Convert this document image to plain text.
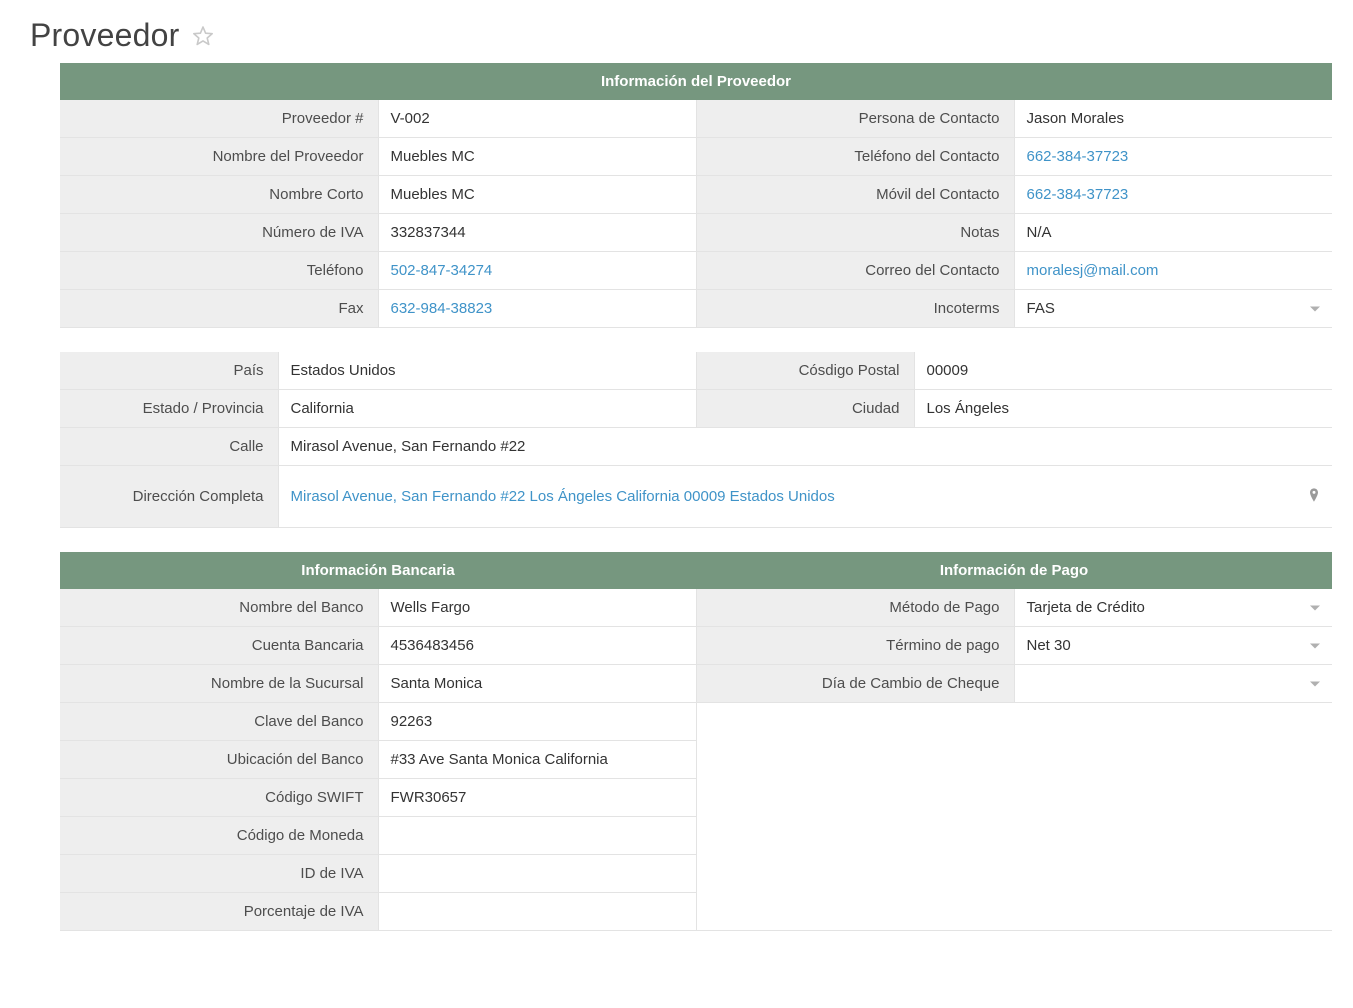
Proveedor
Información del Proveedor			
Proveedor #	V-002	Persona de Contacto	Jason Morales
Nombre del Proveedor	Muebles MC	Teléfono del Contacto	662-384-37723
Nombre Corto	Muebles MC	Móvil del Contacto	662-384-37723
Número de IVA	332837344	Notas	N/A
Teléfono	502-847-34274	Correo del Contacto	moralesj@mail.com
Fax	632-984-38823	Incoterms	FAS
País	Estados Unidos	Cósdigo Postal	00009
Estado / Provincia	California	Ciudad	Los Ángeles
Calle	Mirasol Avenue, San Fernando #22		
Dirección Completa	Mirasol Avenue, San Fernando #22 Los Ángeles California 00009 Estados Unidos		
Información Bancaria		Información de Pago	
Nombre del Banco	Wells Fargo	Método de Pago	Tarjeta de Crédito

Cuenta Bancaria	4536483456	Término de pago	Net 30

Nombre de la Sucursal	Santa Monica	Día de Cambio de Cheque	

Clave del Banco	92263		
Ubicación del Banco	#33 Ave Santa Monica California		
Código SWIFT	FWR30657		
Código de Moneda			
ID de IVA			
Porcentaje de IVA			
